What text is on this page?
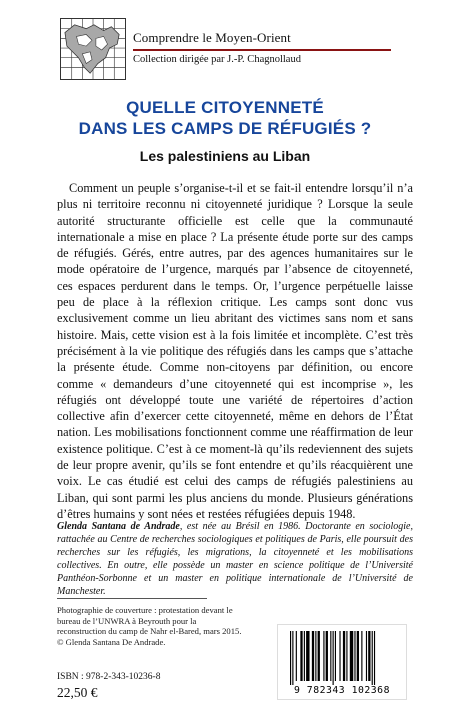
Comprendre le Moyen-Orient
Collection dirigée par J.-P. Chagnollaud
QUELLE CITOYENNETÉ
DANS LES CAMPS DE RÉFUGIÉS ?
Les palestiniens au Liban

Comment un peuple s’organise-t-il et se fait-il entendre lorsqu’il n’a plus ni territoire reconnu ni citoyenneté juridique ? Lorsque la seule autorité structurante officielle est celle que la communauté internationale a mise en place ? La présente étude porte sur des camps de réfugiés. Gérés, entre autres, par des agences humanitaires sur le mode opératoire de l’urgence, marqués par l’absence de citoyenneté, ces espaces perdurent dans le temps. Or, l’urgence perpétuelle laisse peu de place à la réflexion critique. Les camps sont donc vus exclusivement comme un lieu abritant des victimes sans nom et sans histoire. Mais, cette vision est à la fois limitée et incomplète. C’est très précisément à la vie politique des réfugiés dans les camps que s’attache la présente étude. Comme non-citoyens par définition, ou encore comme « demandeurs d’une citoyenneté qui est incomprise », les réfugiés ont développé toute une variété de répertoires d’action collective afin d’exercer cette citoyenneté, même en dehors de l’État nation. Les mobilisations fonctionnent comme une réaffirmation de leur existence politique. C’est à ce moment-là qu’ils redeviennent des sujets de leur propre avenir, qu’ils se font entendre et qu’ils réacquièrent une voix. Le cas étudié est celui des camps de réfugiés palestiniens au Liban, qui sont parmi les plus anciens du monde. Plusieurs générations d’êtres humains y sont nées et restées réfugiées depuis 1948.

Glenda Santana de Andrade, est née au Brésil en 1986. Doctorante en sociologie, rattachée au Centre de recherches sociologiques et politiques de Paris, elle poursuit des recherches sur les réfugiés, les migrations, la citoyenneté et les mobilisations collectives. En outre, elle possède un master en science politique de l’Université Panthéon-Sorbonne et un master en politique internationale de l’Université de Manchester.

Photographie de couverture : protestation devant le bureau de l’UNWRA à Beyrouth pour la reconstruction du camp de Nahr el-Bared, mars 2015. © Glenda Santana De Andrade.

ISBN : 978-2-343-10236-8
22,50 €	9 782343 102368
